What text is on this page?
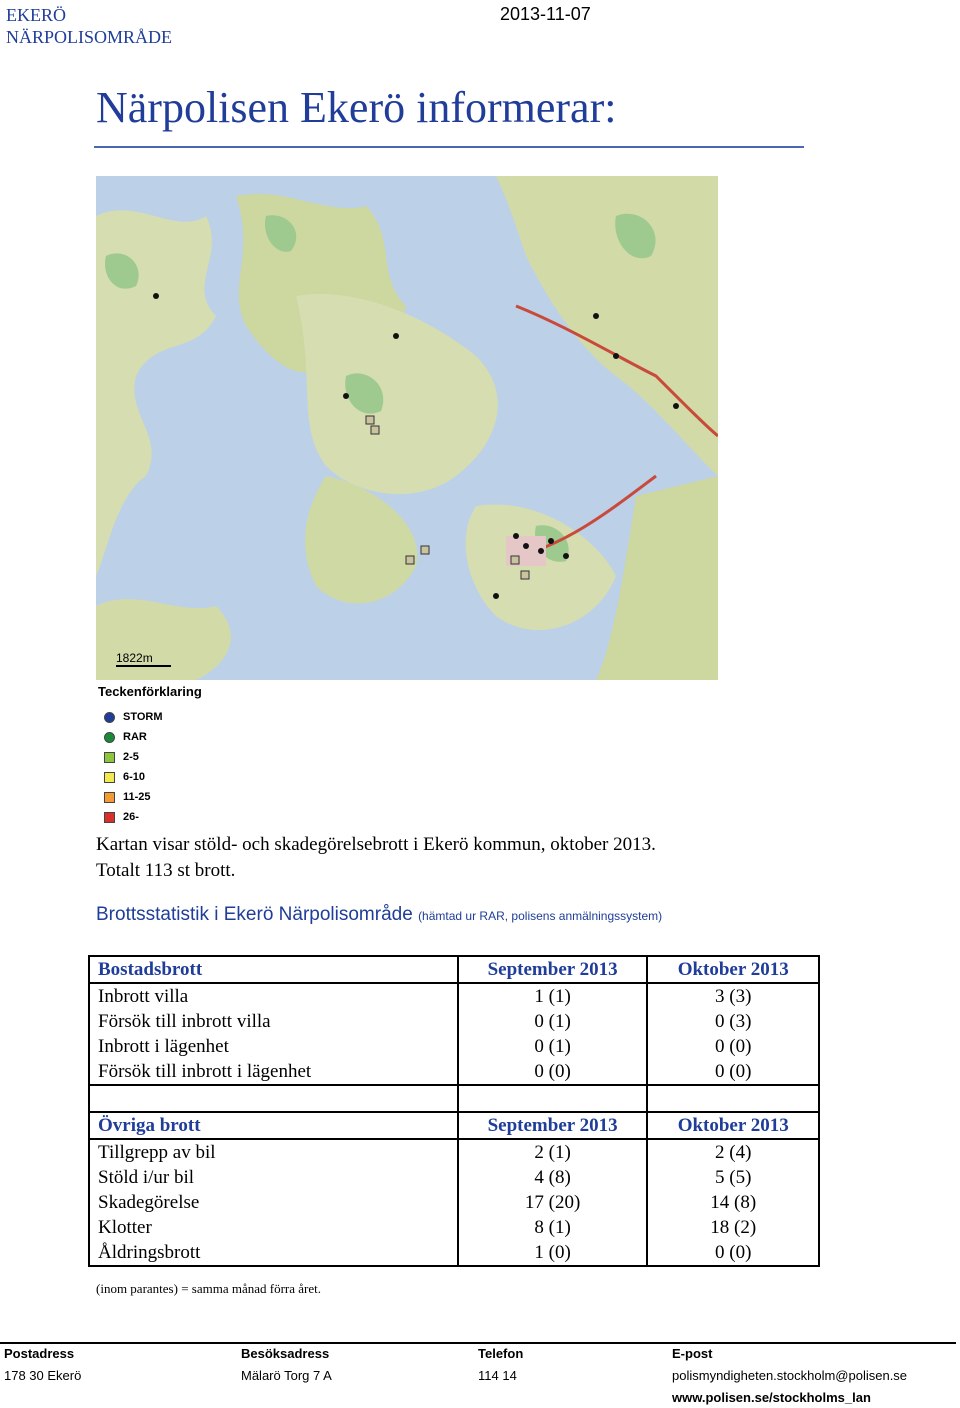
EKERÖ
NÄRPOLISOMRÅDE
2013-11-07
Närpolisen Ekerö informerar:
1822m
Teckenförklaring
STORM
RAR
2-5
6-10
11-25
26-
Kartan visar stöld- och skadegörelsebrott i Ekerö kommun, oktober 2013.
Totalt 113 st brott.
Brottsstatistik i Ekerö Närpolisområde (hämtad ur RAR, polisens anmälningssystem)
Bostadsbrott	September 2013	Oktober 2013
Inbrott villa	1 (1)	3 (3)
Försök till inbrott villa	0 (1)	0 (3)
Inbrott i lägenhet	0 (1)	0 (0)
Försök till inbrott i lägenhet	0 (0)	0 (0)

Övriga brott	September 2013	Oktober 2013
Tillgrepp av bil	2 (1)	2 (4)
Stöld i/ur bil	4 (8)	5 (5)
Skadegörelse	17 (20)	14 (8)
Klotter	8 (1)	18 (2)
Åldringsbrott	1 (0)	0 (0)
(inom parantes) = samma månad förra året.
Postadress
178 30 Ekerö
Besöksadress
Mälarö Torg 7 A
Telefon
114 14
E-post
polismyndigheten.stockholm@polisen.se
www.polisen.se/stockholms_lan
